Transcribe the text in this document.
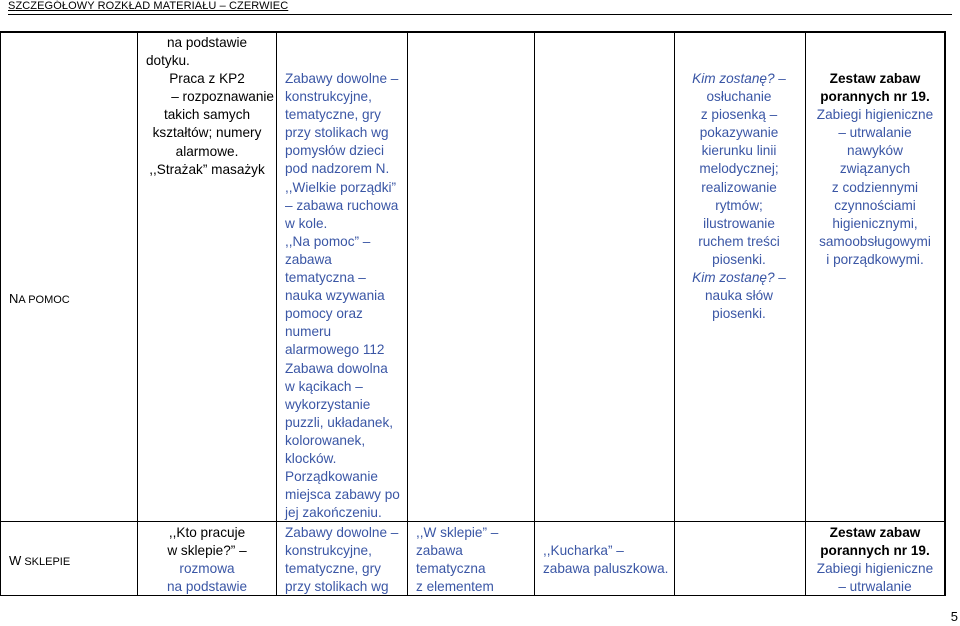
SZCZEGÓŁOWY ROZKŁAD MATERIAŁU – CZERWIEC
NA POMOC
na podstawie
dotyku.
Praca z KP2
– rozpoznawanie
takich samych
kształtów; numery
alarmowe.
,,Strażak” masażyk
Zabawy dowolne –
konstrukcyjne,
tematyczne, gry
przy stolikach wg
pomysłów dzieci
pod nadzorem N.
,,Wielkie porządki”
– zabawa ruchowa
w kole.
,,Na pomoc” –
zabawa
tematyczna –
nauka wzywania
pomocy oraz
numeru
alarmowego 112
Zabawa dowolna
w kącikach –
wykorzystanie
puzzli, układanek,
kolorowanek,
klocków.
Porządkowanie
miejsca zabawy po
jej zakończeniu.
Kim zostanę? –
osłuchanie
z piosenką –
pokazywanie
kierunku linii
melodycznej;
realizowanie
rytmów;
ilustrowanie
ruchem treści
piosenki.
Kim zostanę? –
nauka słów
piosenki.
Zestaw zabaw
porannych nr 19.
Zabiegi higieniczne
– utrwalanie
nawyków
związanych
z codziennymi
czynnościami
higienicznymi,
samoobsługowymi
i porządkowymi.
W SKLEPIE
,,Kto pracuje
w sklepie?” –
rozmowa
na podstawie
Zabawy dowolne –
konstrukcyjne,
tematyczne, gry
przy stolikach wg
,,W sklepie” –
zabawa
tematyczna
z elementem
,,Kucharka” –
zabawa paluszkowa.
Zestaw zabaw
porannych nr 19.
Zabiegi higieniczne
– utrwalanie
5
